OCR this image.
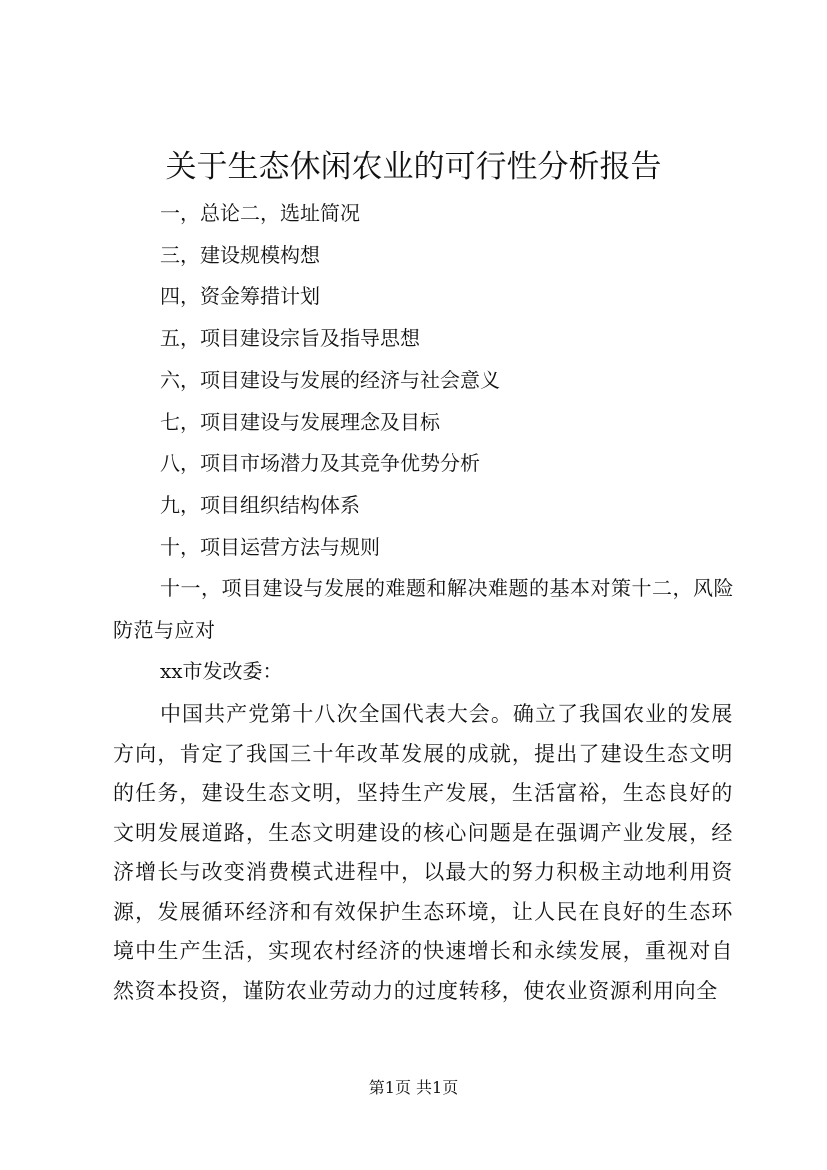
关于生态休闲农业的可行性分析报告
一，总论二，选址简况
三，建设规模构想
四，资金筹措计划
五，项目建设宗旨及指导思想
六，项目建设与发展的经济与社会意义
七，项目建设与发展理念及目标
八，项目市场潜力及其竞争优势分析
九，项目组织结构体系
十，项目运营方法与规则
十一，项目建设与发展的难题和解决难题的基本对策十二，风险防范与应对

xx市发改委：

中国共产党第十八次全国代表大会。确立了我国农业的发展方向，肯定了我国三十年改革发展的成就，提出了建设生态文明的任务，建设生态文明，坚持生产发展，生活富裕，生态良好的文明发展道路，生态文明建设的核心问题是在强调产业发展，经济增长与改变消费模式进程中，以最大的努力积极主动地利用资源，发展循环经济和有效保护生态环境，让人民在良好的生态环境中生产生活，实现农村经济的快速增长和永续发展，重视对自然资本投资，谨防农业劳动力的过度转移，使农业资源利用向全

第1页 共1页
